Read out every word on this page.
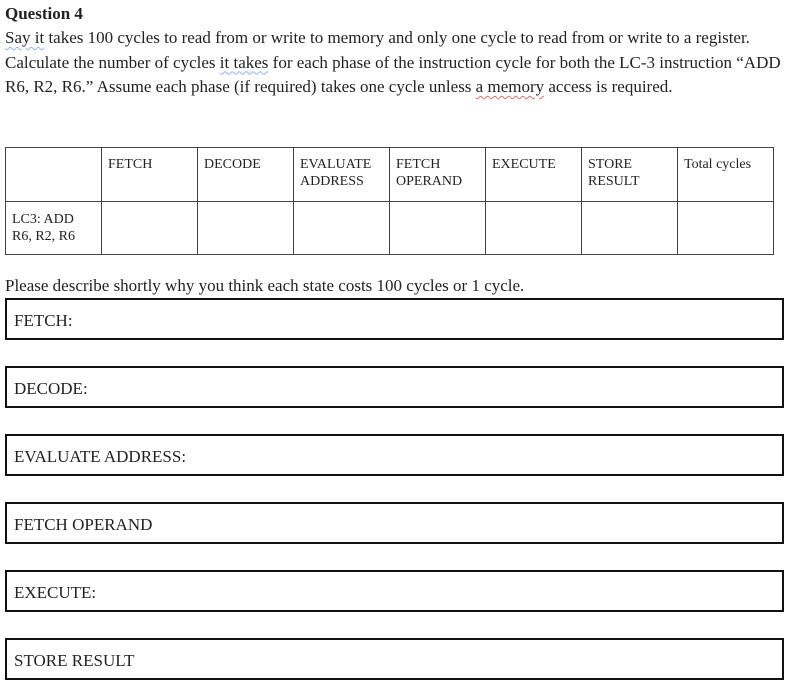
Question 4
Say it takes 100 cycles to read from or write to memory and only one cycle to read from or write to a register. Calculate the number of cycles it takes for each phase of the instruction cycle for both the LC-3 instruction “ADD R6, R2, R6.” Assume each phase (if required) takes one cycle unless a memory access is required.
	FETCH	DECODE	EVALUATE ADDRESS	FETCH OPERAND	EXECUTE	STORE RESULT	Total cycles
LC3: ADD R6, R2, R6							
Please describe shortly why you think each state costs 100 cycles or 1 cycle.
FETCH:
DECODE:
EVALUATE ADDRESS:
FETCH OPERAND
EXECUTE:
STORE RESULT
